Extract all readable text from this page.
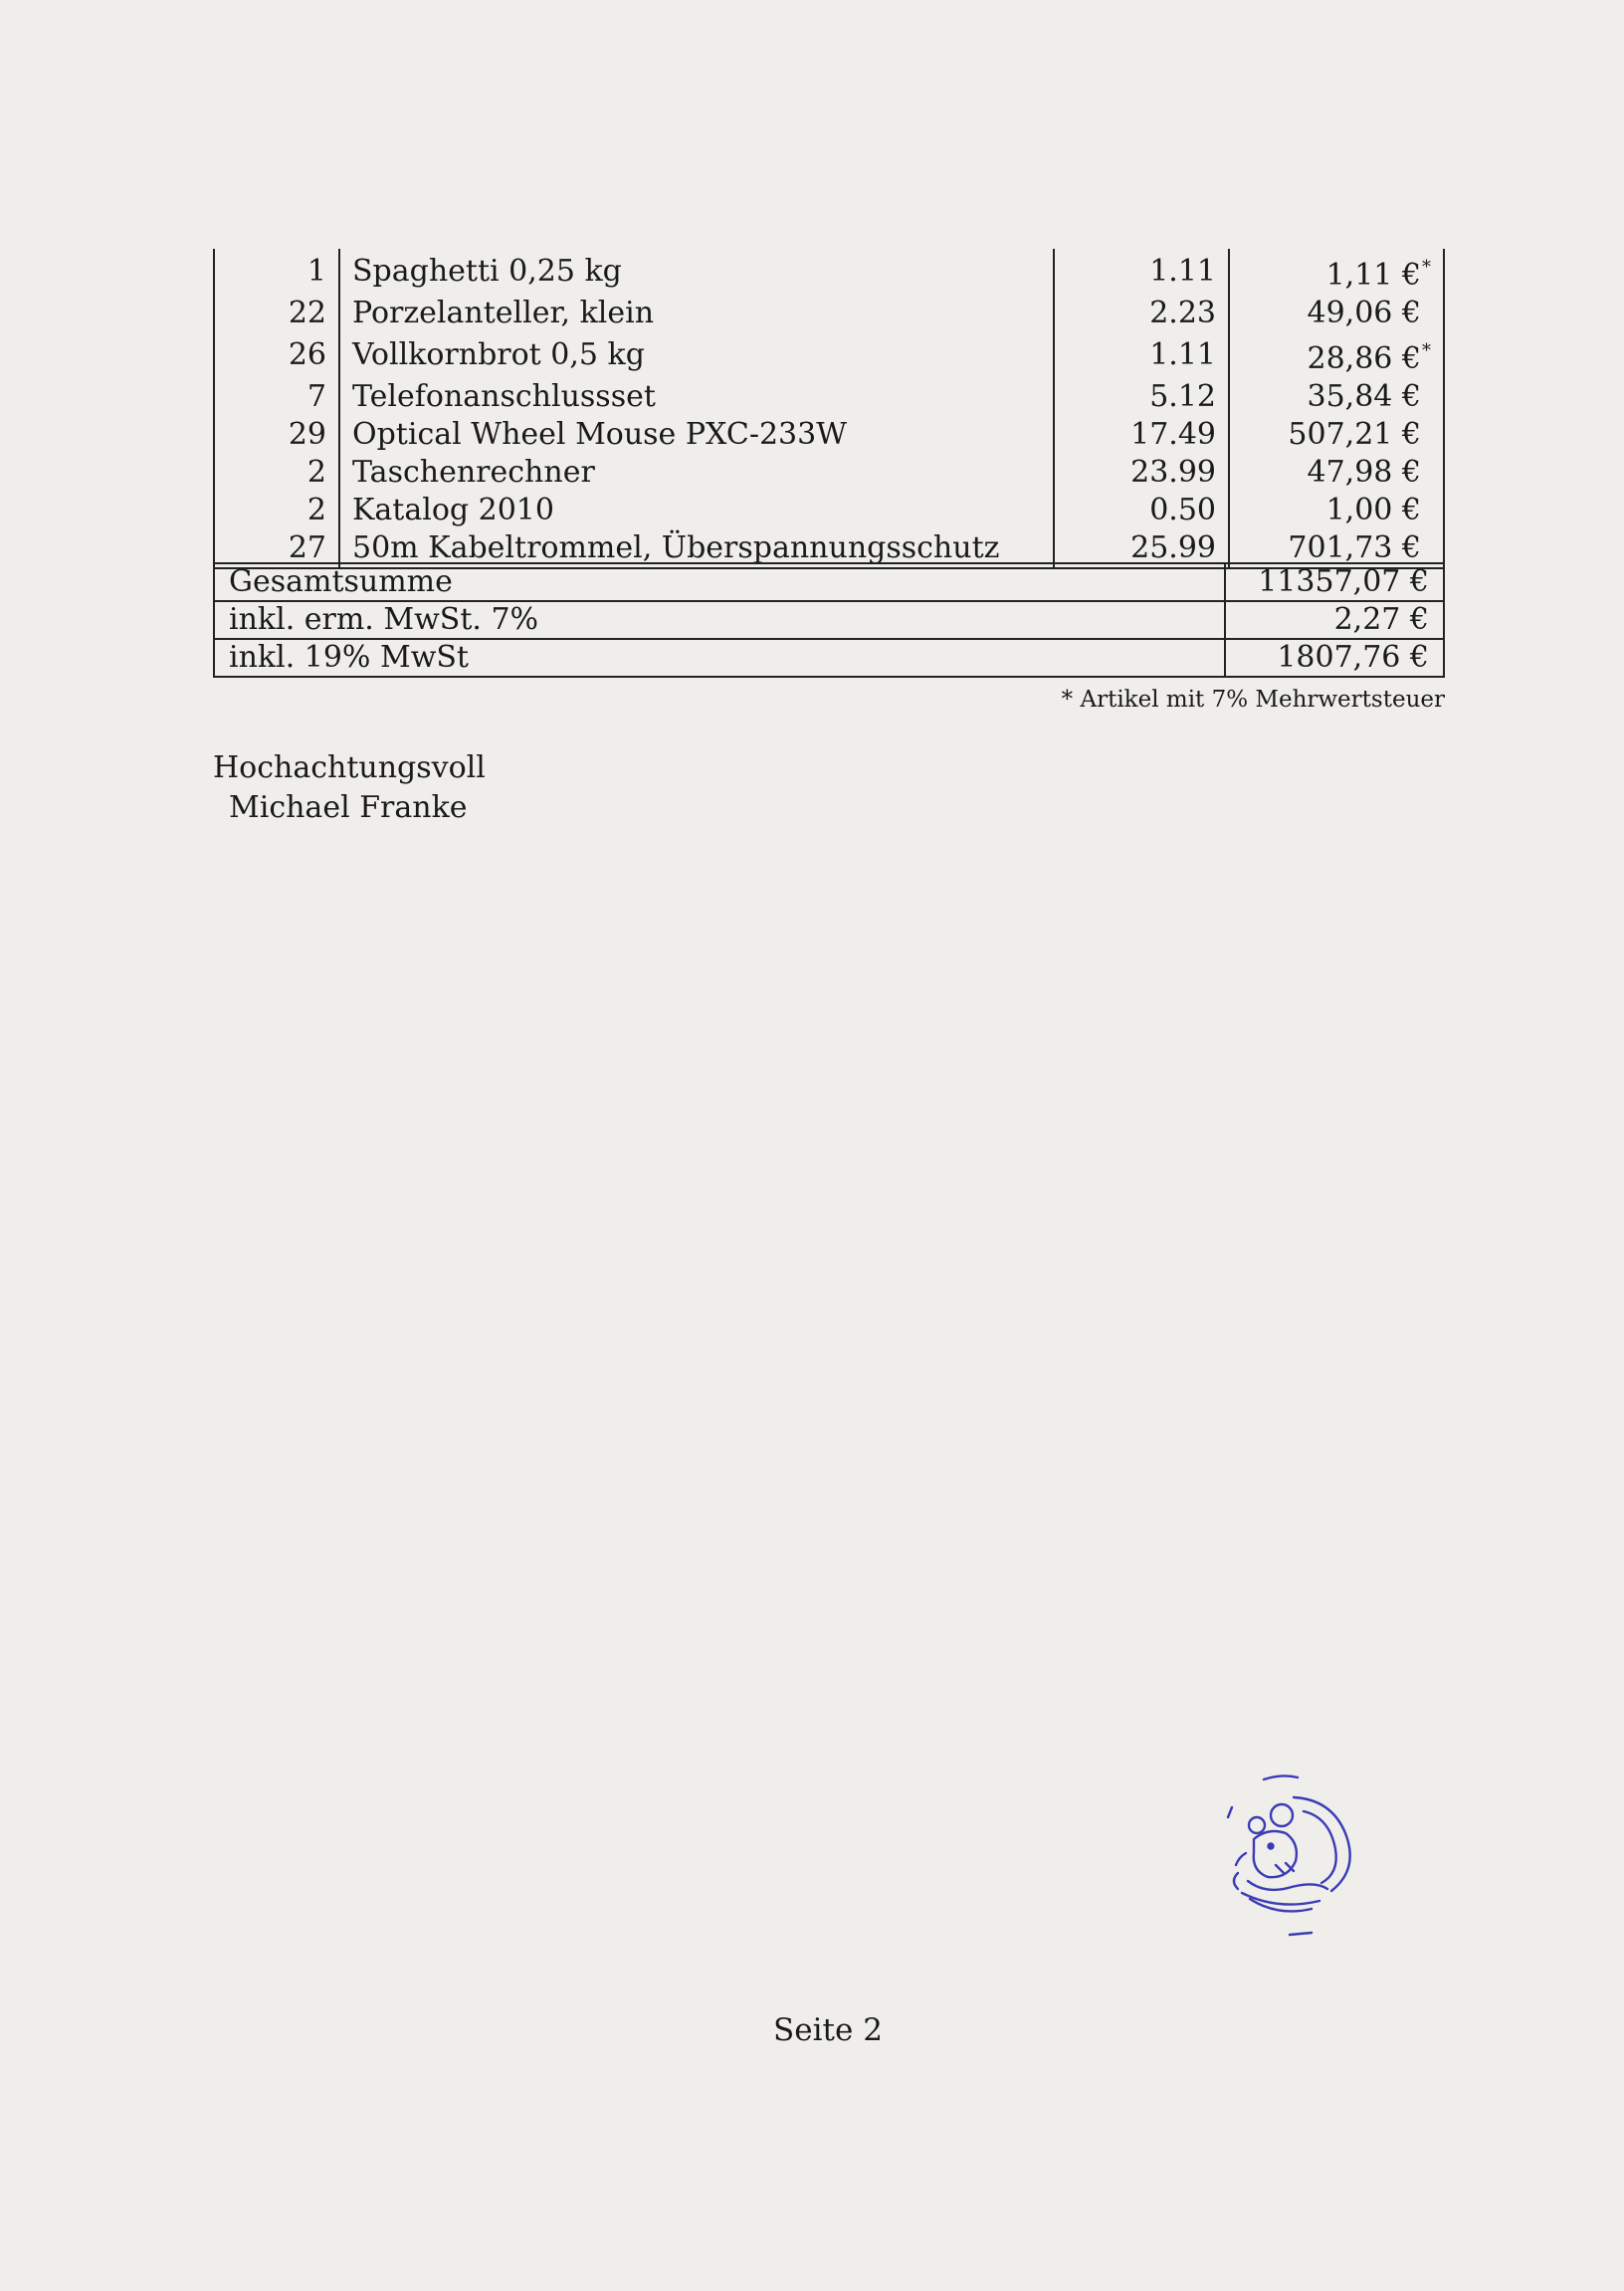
1	Spaghetti 0,25 kg	1.11	1,11 €*
22	Porzelanteller, klein	2.23	49,06 €
26	Vollkornbrot 0,5 kg	1.11	28,86 €*
7	Telefonanschlussset	5.12	35,84 €
29	Optical Wheel Mouse PXC-233W	17.49	507,21 €
2	Taschenrechner	23.99	47,98 €
2	Katalog 2010	0.50	1,00 €
27	50m Kabeltrommel, Überspannungsschutz	25.99	701,73 €
Gesamtsumme	11357,07 €
inkl. erm. MwSt. 7%	2,27 €
inkl. 19% MwSt	1807,76 €
* Artikel mit 7% Mehrwertsteuer
Hochachtungsvoll
Michael Franke
Seite 2
